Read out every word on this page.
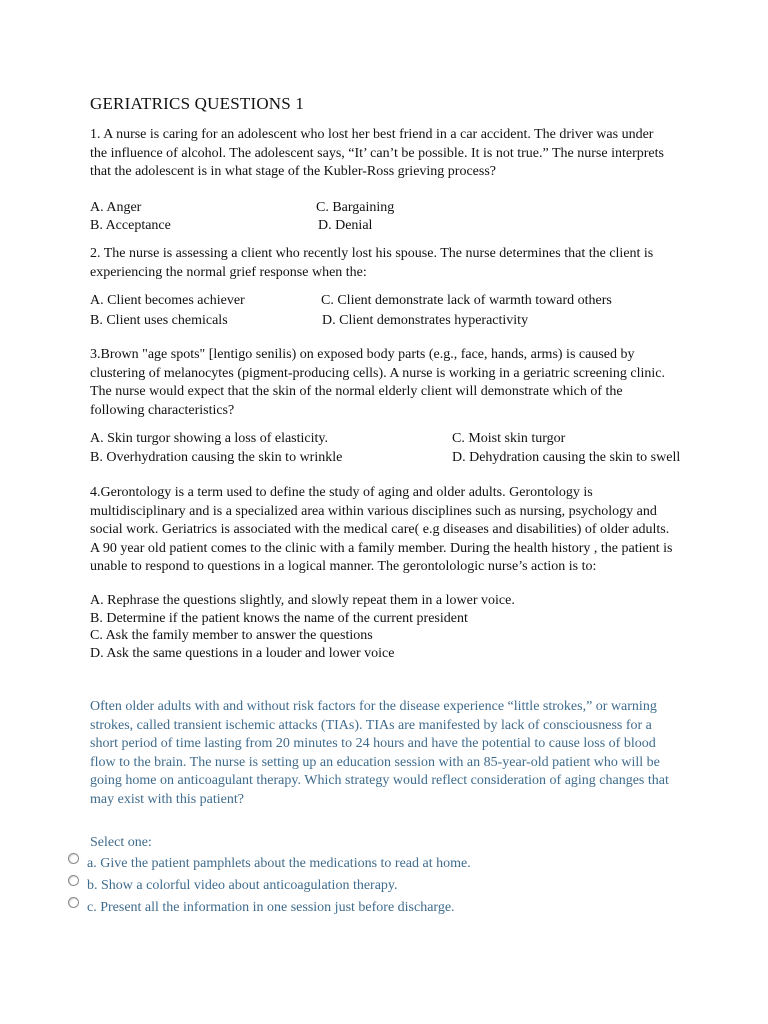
GERIATRICS QUESTIONS 1
1. A nurse is caring for an adolescent who lost her best friend in a car accident. The driver was under
the influence of alcohol. The adolescent says, “It’ can’t be possible. It is not true.” The nurse interprets
that the adolescent is in what stage of the Kubler-Ross grieving process?
A. Anger
B. Acceptance
C. Bargaining
D. Denial
2. The nurse is assessing a client who recently lost his spouse. The nurse determines that the client is
experiencing the normal grief response when the:
A. Client becomes achiever
B. Client uses chemicals
C. Client demonstrate lack of warmth toward others
D. Client demonstrates hyperactivity
3.Brown "age spots" [lentigo senilis) on exposed body parts (e.g., face, hands, arms) is caused by
clustering of melanocytes (pigment-producing cells). A nurse is working in a geriatric screening clinic.
The nurse would expect that the skin of the normal elderly client will demonstrate which of the
following characteristics?
A. Skin turgor showing a loss of elasticity.
B. Overhydration causing the skin to wrinkle
C. Moist skin turgor
D. Dehydration causing the skin to swell
4.Gerontology is a term used to define the study of aging and older adults. Gerontology is
multidisciplinary and is a specialized area within various disciplines such as nursing, psychology and
social work. Geriatrics is associated with the medical care( e.g diseases and disabilities) of older adults.
A 90 year old patient comes to the clinic with a family member. During the health history , the patient is
unable to respond to questions in a logical manner. The gerontolologic nurse’s action is to:
A. Rephrase the questions slightly, and slowly repeat them in a lower voice.
B. Determine if the patient knows the name of the current president
C. Ask the family member to answer the questions
D. Ask the same questions in a louder and lower voice
Often older adults with and without risk factors for the disease experience “little strokes,” or warning
strokes, called transient ischemic attacks (TIAs). TIAs are manifested by lack of consciousness for a
short period of time lasting from 20 minutes to 24 hours and have the potential to cause loss of blood
flow to the brain. The nurse is setting up an education session with an 85-year-old patient who will be
going home on anticoagulant therapy. Which strategy would reflect consideration of aging changes that
may exist with this patient?
Select one:
a. Give the patient pamphlets about the medications to read at home.
b. Show a colorful video about anticoagulation therapy.
c. Present all the information in one session just before discharge.
